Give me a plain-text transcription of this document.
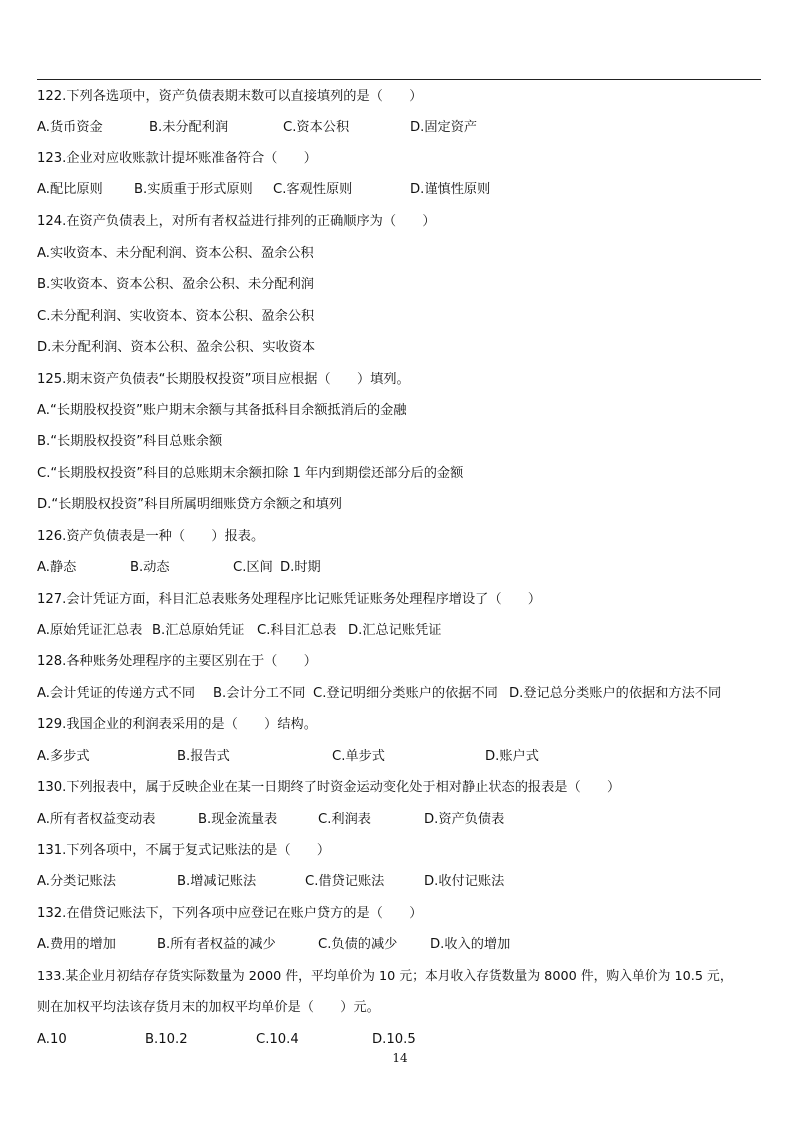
122.下列各选项中，资产负债表期末数可以直接填列的是（　　）
A.货币资金	B.未分配利润	C.资本公积	D.固定资产
123.企业对应收账款计提坏账准备符合（　　）
A.配比原则 B.实质重于形式原则 C.客观性原则	D.谨慎性原则
124.在资产负债表上，对所有者权益进行排列的正确顺序为（　　）
A.实收资本、未分配利润、资本公积、盈余公积
B.实收资本、资本公积、盈余公积、未分配利润
C.未分配利润、实收资本、资本公积、盈余公积
D.未分配利润、资本公积、盈余公积、实收资本
125.期末资产负债表“长期股权投资”项目应根据（　　）填列。
A.“长期股权投资”账户期末余额与其备抵科目余额抵消后的金融
B.“长期股权投资”科目总账余额
C.“长期股权投资”科目的总账期末余额扣除 1 年内到期偿还部分后的金额
D.“长期股权投资”科目所属明细账贷方余额之和填列
126.资产负债表是一种（　　）报表。
A.静态	B.动态	C.区间 D.时期
127.会计凭证方面，科目汇总表账务处理程序比记账凭证账务处理程序增设了（　　）
A.原始凭证汇总表 B.汇总原始凭证 C.科目汇总表 D.汇总记账凭证
128.各种账务处理程序的主要区别在于（　　）
A.会计凭证的传递方式不同 B.会计分工不同 C.登记明细分类账户的依据不同 D.登记总分类账户的依据和方法不同
129.我国企业的利润表采用的是（　　）结构。
A.多步式	B.报告式	C.单步式	D.账户式
130.下列报表中，属于反映企业在某一日期终了时资金运动变化处于相对静止状态的报表是（　　）
A.所有者权益变动表	B.现金流量表	C.利润表	D.资产负债表
131.下列各项中，不属于复式记账法的是（　　）
A.分类记账法	B.增减记账法	C.借贷记账法	D.收付记账法
132.在借贷记账法下，下列各项中应登记在账户贷方的是（　　）
A.费用的增加	B.所有者权益的减少	C.负债的减少 D.收入的增加
133.某企业月初结存存货实际数量为 2000 件，平均单价为 10 元；本月收入存货数量为 8000 件，购入单价为 10.5 元，
则在加权平均法该存货月末的加权平均单价是（　　）元。
A.10	B.10.2	C.10.4	D.10.5
14
